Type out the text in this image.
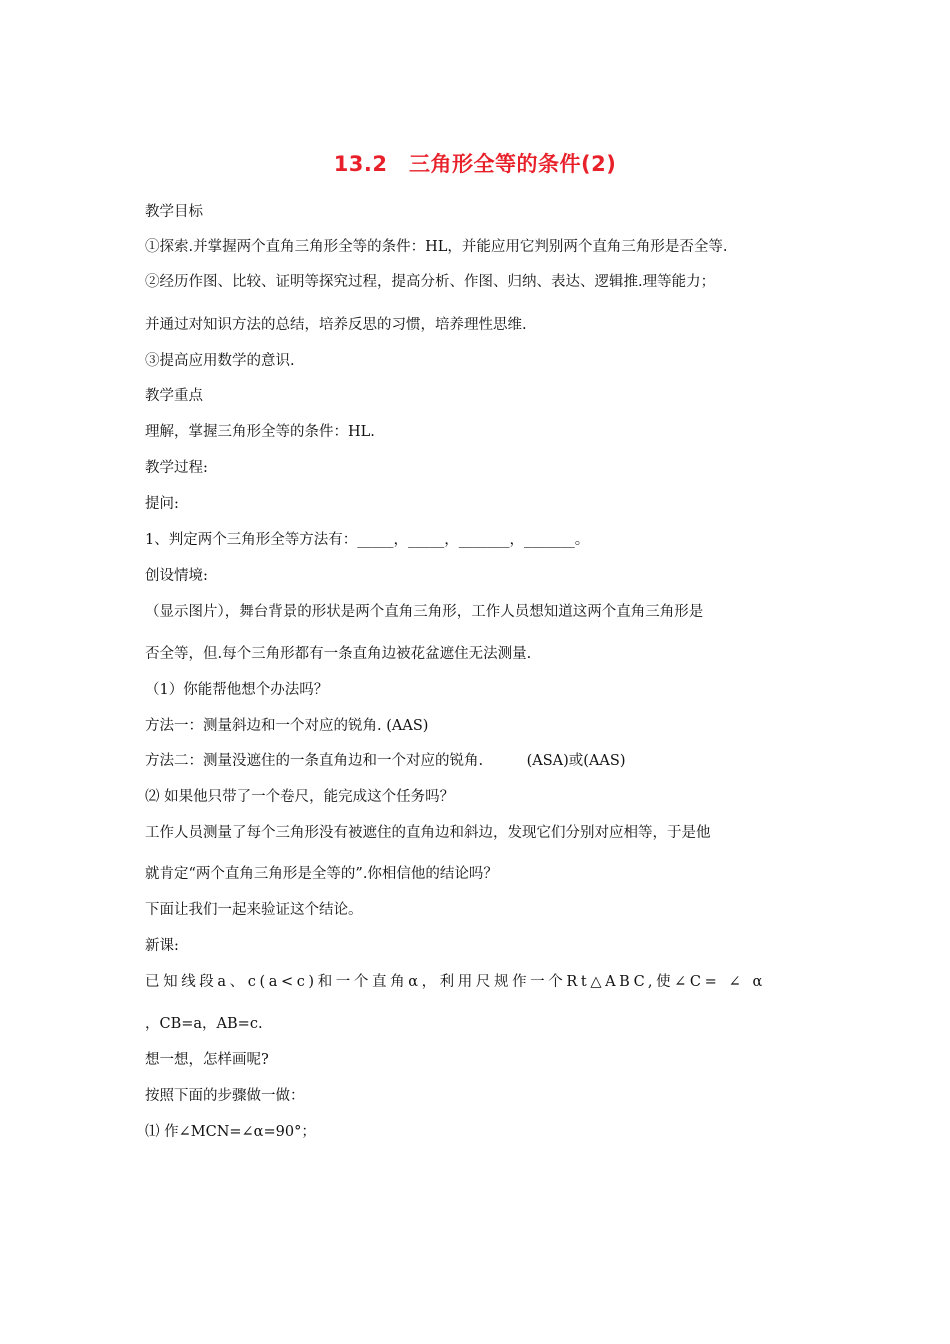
13.2　三角形全等的条件(2)
教学目标
①探索.并掌握两个直角三角形全等的条件：HL，并能应用它判别两个直角三角形是否全等.
②经历作图、比较、证明等探究过程，提高分析、作图、归纳、表达、逻辑推.理等能力；
并通过对知识方法的总结，培养反思的习惯，培养理性思维.
③提高应用数学的意识.
教学重点
理解，掌握三角形全等的条件：HL.
教学过程:
提问:
1、判定两个三角形全等方法有：_____，_____，_______，_______。
创设情境:
（显示图片），舞台背景的形状是两个直角三角形，工作人员想知道这两个直角三角形是
否全等，但.每个三角形都有一条直角边被花盆遮住无法测量.
（1）你能帮他想个办法吗？
方法一：测量斜边和一个对应的锐角. (AAS)
方法二：测量没遮住的一条直角边和一个对应的锐角.　　　(ASA)或(AAS)
⑵ 如果他只带了一个卷尺，能完成这个任务吗？
工作人员测量了每个三角形没有被遮住的直角边和斜边，发现它们分别对应相等，于是他
就肯定“两个直角三角形是全等的”.你相信他的结论吗？
下面让我们一起来验证这个结论。
新课:
已知线段a、c(a<c)和一个直角α，利用尺规作一个Rt△ABC,使∠C= ∠ α
，CB=a，AB=c.
想一想，怎样画呢?
按照下面的步骤做一做：
⑴ 作∠MCN=∠α=90°；
